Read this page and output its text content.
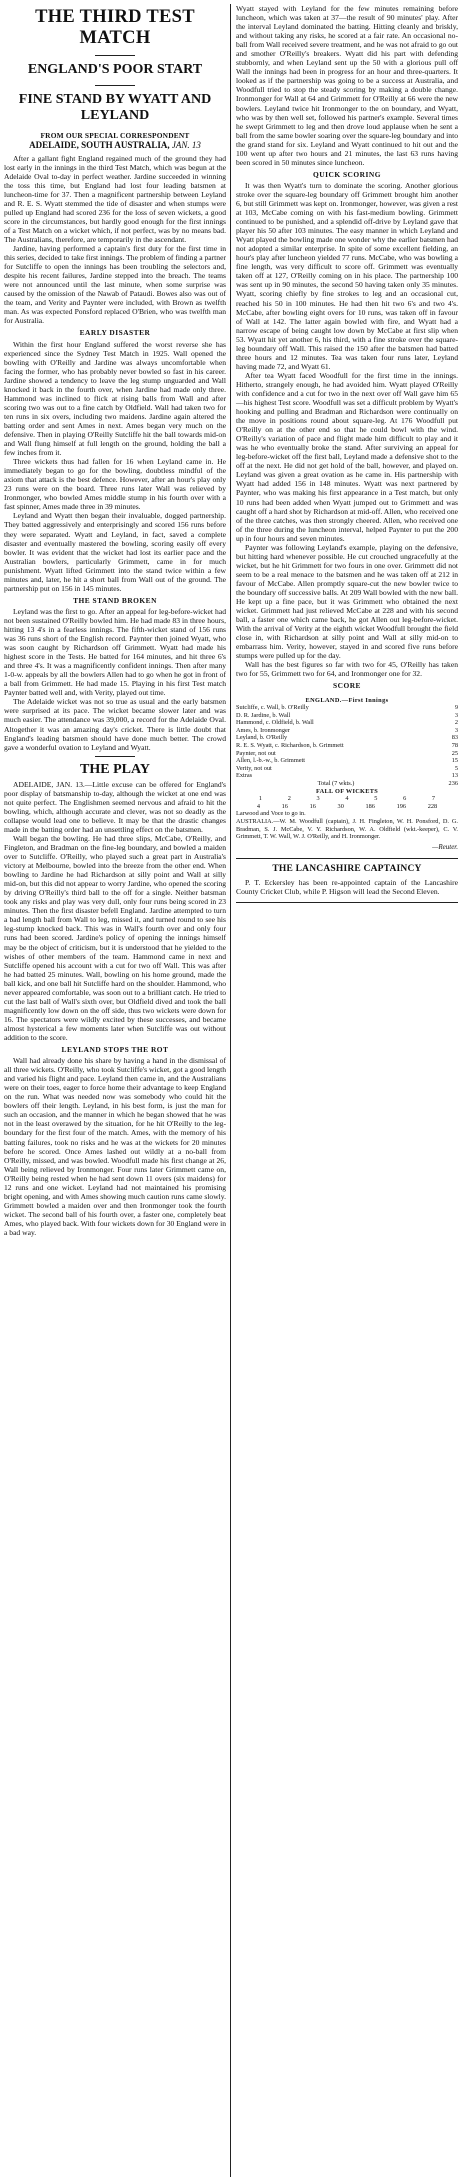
THE THIRD TEST MATCH
ENGLAND'S POOR START
FINE STAND BY WYATT AND LEYLAND
FROM OUR SPECIAL CORRESPONDENT
ADELAIDE, SOUTH AUSTRALIA, JAN. 13

After a gallant fight England regained much of the ground they had lost early in the innings in the third Test Match, which was begun at the Adelaide Oval to-day in perfect weather. Jardine succeeded in winning the toss this time, but England had lost four leading batsmen at luncheon-time for 37. Then a magnificent partnership between Leyland and R. E. S. Wyatt stemmed the tide of disaster and when stumps were pulled up England had scored 236 for the loss of seven wickets, a good score in the circumstances, but hardly good enough for the first innings of a Test Match on a wicket which, if not perfect, was by no means bad. The Australians, therefore, are temporarily in the ascendant.

Jardine, having performed a captain's first duty for the first time in this series, decided to take first innings. The problem of finding a partner for Sutcliffe to open the innings has been troubling the selectors and, despite his recent failures, Jardine stepped into the breach. The teams were not announced until the last minute, when some surprise was caused by the omission of the Nawab of Pataudi. Bowes also was out of the team, and Verity and Paynter were included, with Brown as twelfth man. As was expected Ponsford replaced O'Brien, who was twelfth man for Australia.

EARLY DISASTER

Within the first hour England suffered the worst reverse she has experienced since the Sydney Test Match in 1925. Wall opened the bowling with O'Reilly and Jardine was always uncomfortable when facing the former, who has probably never bowled so fast in his career. Jardine showed a tendency to leave the leg stump unguarded and Wall knocked it back in the fourth over, when Jardine had made only three. Hammond was inclined to flick at rising balls from Wall and after scoring two was out to a fine catch by Oldfield. Wall had taken two for ten runs in six overs, including two maidens. Jardine again altered the batting order and sent Ames in next. Ames began very much on the defensive. Then in playing O'Reilly Sutcliffe hit the ball towards mid-on and Wall flung himself at full length on the ground, holding the ball a few inches from it.

Three wickets thus had fallen for 16 when Leyland came in. He immediately began to go for the bowling, doubtless mindful of the axiom that attack is the best defence. However, after an hour's play only 23 runs were on the board. Three runs later Wall was relieved by Ironmonger, who bowled Ames middle stump in his fourth over with a fast spinner, Ames made three in 39 minutes.

Leyland and Wyatt then began their invaluable, dogged partnership. They batted aggressively and enterprisingly and scored 156 runs before they were separated. Wyatt and Leyland, in fact, saved a complete disaster and eventually mastered the bowling, scoring easily off every bowler. It was evident that the wicket had lost its earlier pace and the Australian bowlers, particularly Grimmett, came in for much punishment. Wyatt lifted Grimmett into the stand twice within a few minutes and, later, he hit a short ball from Wall out of the ground. The partnership put on 156 in 145 minutes.

THE STAND BROKEN

Leyland was the first to go. After an appeal for leg-before-wicket had not been sustained O'Reilly bowled him. He had made 83 in three hours, hitting 13 4's in a fearless innings. The fifth-wicket stand of 156 runs was 36 runs short of the English record. Paynter then joined Wyatt, who was soon caught by Richardson off Grimmett. Wyatt had made his highest score in the Tests. He batted for 164 minutes, and hit three 6's and three 4's. It was a magnificently confident innings. Then after many 1-0-w. appeals by all the bowlers Allen had to go when he got in front of a ball from Grimmett. He had made 15. Playing in his first Test match Paynter batted well and, with Verity, played out time.

The Adelaide wicket was not so true as usual and the early batsmen were surprised at its pace. The wicket became slower later and was much easier. The attendance was 39,000, a record for the Adelaide Oval. Altogether it was an amazing day's cricket. There is little doubt that England's leading batsmen should have done much better. The crowd gave a wonderful ovation to Leyland and Wyatt.

THE PLAY

ADELAIDE, JAN. 13.—Little excuse can be offered for England's poor display of batsmanship to-day, although the wicket at one end was not quite perfect. The Englishmen seemed nervous and afraid to hit the bowling, which, although accurate and clever, was not so deadly as the collapse would lead one to believe. It may be that the drastic changes made in the batting order had an unsettling effect on the batsmen.

Wall began the bowling. He had three slips, McCabe, O'Reilly, and Fingleton, and Bradman on the fine-leg boundary, and bowled a maiden over to Sutcliffe. O'Reilly, who played such a great part in Australia's victory at Melbourne, bowled into the breeze from the other end. When bowling to Jardine he had Richardson at silly point and Wall at silly mid-on, but this did not appear to worry Jardine, who opened the scoring by driving O'Reilly's third ball to the off for a single. Neither batsman took any risks and play was very dull, only four runs being scored in 23 minutes. Then the first disaster befell England. Jardine attempted to turn a bad length ball from Wall to leg, missed it, and turned round to see his leg-stump knocked back. This was in Wall's fourth over and only four runs had been scored. Jardine's policy of opening the innings himself may be the object of criticism, but it is understood that he yielded to the wishes of other members of the team. Hammond came in next and Sutcliffe opened his account with a cut for two off Wall. This was after he had batted 25 minutes. Wall, bowling on his home ground, made the ball kick, and one ball hit Sutcliffe hard on the shoulder. Hammond, who never appeared comfortable, was soon out to a brilliant catch. He tried to cut the last ball of Wall's sixth over, but Oldfield dived and took the ball magnificently low down on the off side, thus two wickets were down for 16. The spectators were wildly excited by these successes, and became almost hysterical a few moments later when Sutcliffe was out without addition to the score.

LEYLAND STOPS THE ROT

Wall had already done his share by having a hand in the dismissal of all three wickets. O'Reilly, who took Sutcliffe's wicket, got a good length and varied his flight and pace. Leyland then came in, and the Australians were on their toes, eager to force home their advantage to keep England on the run. What was needed now was somebody who could hit the bowlers off their length. Leyland, in his best form, is just the man for such an occasion, and the manner in which he began showed that he was not in the least overawed by the situation, for he hit O'Reilly to the leg-boundary for the first four of the match. Ames, with the memory of his batting failures, took no risks and he was at the wickets for 20 minutes before he scored. Once Ames lashed out wildly at a no-ball from O'Reilly, missed, and was bowled. Woodfull made his first change at 26, Wall being relieved by Ironmonger. Four runs later Grimmett came on, O'Reilly being rested when he had sent down 11 overs (six maidens) for 12 runs and one wicket. Leyland had not maintained his promising bright opening, and with Ames showing much caution runs came slowly. Grimmett bowled a maiden over and then Ironmonger took the fourth wicket. The second ball of his fourth over, a faster one, completely beat Ames, who played back. With four wickets down for 30 England were in a bad way.

Wyatt stayed with Leyland for the few minutes remaining before luncheon, which was taken at 37—the result of 90 minutes' play. After the interval Leyland dominated the batting. Hitting cleanly and briskly, and without taking any risks, he scored at a fair rate. An occasional no-ball from Wall received severe treatment, and he was not afraid to go out and smother O'Reilly's breakers. Wyatt did his part with defending stubbornly, and when Leyland sent up the 50 with a glorious pull off Wall the innings had been in progress for an hour and three-quarters. It looked as if the partnership was going to be a success at Australia, and Woodfull tried to stop the steady scoring by making a double change. Ironmonger for Wall at 64 and Grimmett for O'Reilly at 66 were the new bowlers. Leyland twice hit Ironmonger to the on boundary, and Wyatt, who was by then well set, followed his partner's example. Several times he swept Grimmett to leg and then drove loud applause when he sent a ball from the same bowler soaring over the square-leg boundary and into the grand stand for six. Leyland and Wyatt continued to hit out and the 100 went up after two hours and 21 minutes, the last 63 runs having been scored in 50 minutes since luncheon.

QUICK SCORING

It was then Wyatt's turn to dominate the scoring. Another glorious stroke over the square-leg boundary off Grimmett brought him another 6, but still Grimmett was kept on. Ironmonger, however, was given a rest at 103, McCabe coming on with his fast-medium bowling. Grimmett continued to be punished, and a splendid off-drive by Leyland gave that player his 50 after 103 minutes. The easy manner in which Leyland and Wyatt played the bowling made one wonder why the earlier batsmen had not adopted a similar enterprise. In spite of some excellent fielding, an hour's play after luncheon yielded 77 runs. McCabe, who was bowling a fine length, was very difficult to score off. Grimmett was eventually taken off at 127, O'Reilly coming on in his place. The partnership 100 was sent up in 90 minutes, the second 50 having taken only 35 minutes. Wyatt, scoring chiefly by fine strokes to leg and an occasional cut, reached his 50 in 100 minutes. He had then hit two 6's and two 4's. McCabe, after bowling eight overs for 10 runs, was taken off in favour of Wall at 142. The latter again bowled with fire, and Wyatt had a narrow escape of being caught low down by McCabe at first slip when 53. Wyatt hit yet another 6, his third, with a fine stroke over the square-leg boundary off Wall. This raised the 150 after the batsmen had batted three hours and 12 minutes. Tea was taken four runs later, Leyland having made 72, and Wyatt 61.

After tea Wyatt faced Woodfull for the first time in the innings. Hitherto, strangely enough, he had avoided him. Wyatt played O'Reilly with confidence and a cut for two in the next over off Wall gave him 65—his highest Test score. Woodfull was set a difficult problem by Wyatt's hooking and pulling and Bradman and Richardson were continually on the move in positions round about square-leg. At 176 Woodfull put O'Reilly on at the other end so that he could bowl with the wind. O'Reilly's variation of pace and flight made him difficult to play and it was he who eventually broke the stand. After surviving an appeal for leg-before-wicket off the first ball, Leyland made a defensive shot to the off at the next. He did not get hold of the ball, however, and played on. Leyland was given a great ovation as he came in. His partnership with Wyatt had added 156 in 148 minutes. Wyatt was next partnered by Paynter, who was making his first appearance in a Test match, but only 10 runs had been added when Wyatt jumped out to Grimmett and was caught off a hard shot by Richardson at mid-off. Allen, who received one of the three catches, was then strongly cheered. Allen, who received one of the three during the luncheon interval, helped Paynter to put the 200 up in four hours and seven minutes.

Paynter was following Leyland's example, playing on the defensive, but hitting hard whenever possible. He cut crouched ungracefully at the wicket, but he hit Grimmett for two fours in one over. Grimmett did not seem to be a real menace to the batsmen and he was taken off at 212 in favour of McCabe. Allen promptly square-cut the new bowler twice to the boundary off successive balls. At 209 Wall bowled with the new ball. He kept up a fine pace, but it was Grimmett who obtained the next wicket. Grimmett had just relieved McCabe at 228 and with his second ball, a faster one which came back, he got Allen out leg-before-wicket. With the arrival of Verity at the eighth wicket Woodfull brought the field close in, with Richardson at silly point and Wall at silly mid-on to embarrass him. Verity, however, stayed in and scored five runs before stumps were pulled up for the day.

Wall has the best figures so far with two for 45, O'Reilly has taken two for 55, Grimmett two for 64, and Ironmonger one for 32.

SCORE
ENGLAND.—First Innings
Sutcliffe, c. Wall, b. O'Reilly	9
D. R. Jardine, b. Wall	3
Hammond, c. Oldfield, b. Wall	2
Ames, b. Ironmonger	3
Leyland, b. O'Reilly	83
R. E. S. Wyatt, c. Richardson, b. Grimmett	78
Paynter, not out	25
Allen, l.-b.-w., b. Grimmett	15
Verity, not out	5
Extras	13
Total (7 wkts.)	236
FALL OF WICKETS
1	2	3	4	5	6	7
4	16	16	30	186	196	228
Larwood and Voce to go in.
AUSTRALIA.—W. M. Woodfull (captain), J. H. Fingleton, W. H. Ponsford, D. G. Bradman, S. J. McCabe, V. Y. Richardson, W. A. Oldfield (wkt.-keeper), C. V. Grimmett, T. W. Wall, W. J. O'Reilly, and H. Ironmonger.
—Reuter.
THE LANCASHIRE CAPTAINCY

P. T. Eckersley has been re-appointed captain of the Lancashire County Cricket Club, while P. Higson will lead the Second Eleven.
